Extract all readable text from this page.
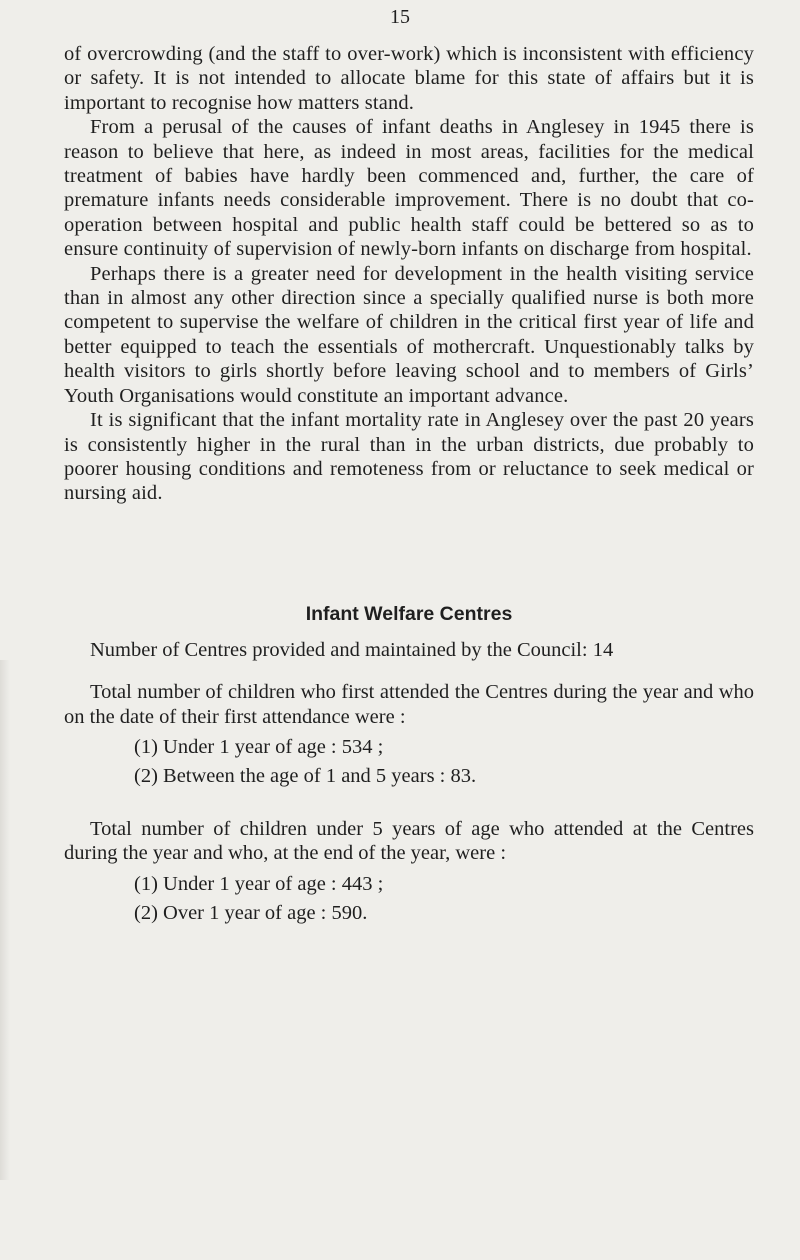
15

of overcrowding (and the staff to over-work) which is inconsistent with efficiency or safety. It is not intended to allocate blame for this state of affairs but it is important to recognise how matters stand.

From a perusal of the causes of infant deaths in Anglesey in 1945 there is reason to believe that here, as indeed in most areas, facilities for the medical treatment of babies have hardly been commenced and, further, the care of premature infants needs considerable improvement. There is no doubt that co-operation between hospital and public health staff could be bettered so as to ensure continuity of supervision of newly-born infants on discharge from hospital.

Perhaps there is a greater need for development in the health visiting service than in almost any other direction since a specially qualified nurse is both more competent to supervise the welfare of children in the critical first year of life and better equipped to teach the essentials of mothercraft. Unquestionably talks by health visitors to girls shortly before leaving school and to members of Girls’ Youth Organisations would constitute an important advance.

It is significant that the infant mortality rate in Anglesey over the past 20 years is consistently higher in the rural than in the urban districts, due probably to poorer housing conditions and remoteness from or reluctance to seek medical or nursing aid.

Infant Welfare Centres

Number of Centres provided and maintained by the Council: 14

Total number of children who first attended the Centres during the year and who on the date of their first attendance were :

(1) Under 1 year of age : 534 ;

(2) Between the age of 1 and 5 years : 83.

Total number of children under 5 years of age who attended at the Centres during the year and who, at the end of the year, were :

(1) Under 1 year of age : 443 ;

(2) Over 1 year of age : 590.
